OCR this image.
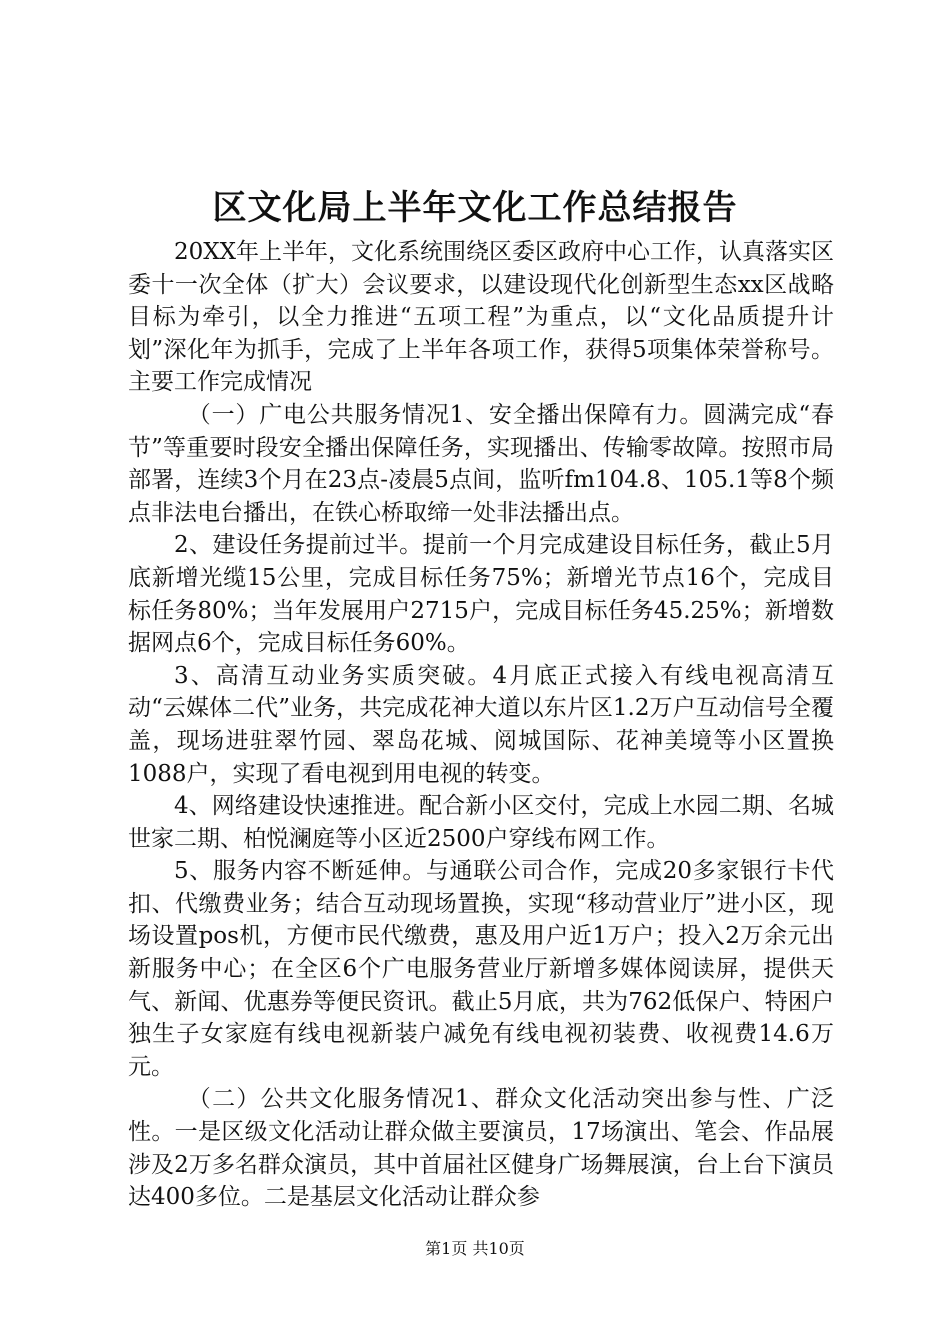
区文化局上半年文化工作总结报告

20XX年上半年，文化系统围绕区委区政府中心工作，认真落实区委十一次全体（扩大）会议要求，以建设现代化创新型生态xx区战略目标为牵引，以全力推进“五项工程”为重点，以“文化品质提升计划”深化年为抓手，完成了上半年各项工作，获得5项集体荣誉称号。主要工作完成情况

（一）广电公共服务情况1、安全播出保障有力。圆满完成“春节”等重要时段安全播出保障任务，实现播出、传输零故障。按照市局部署，连续3个月在23点-凌晨5点间，监听fm104.8、105.1等8个频点非法电台播出，在铁心桥取缔一处非法播出点。

2、建设任务提前过半。提前一个月完成建设目标任务，截止5月底新增光缆15公里，完成目标任务75%；新增光节点16个，完成目标任务80%；当年发展用户2715户，完成目标任务45.25%；新增数据网点6个，完成目标任务60%。

3、高清互动业务实质突破。4月底正式接入有线电视高清互动“云媒体二代”业务，共完成花神大道以东片区1.2万户互动信号全覆盖，现场进驻翠竹园、翠岛花城、阅城国际、花神美境等小区置换1088户，实现了看电视到用电视的转变。

4、网络建设快速推进。配合新小区交付，完成上水园二期、名城世家二期、柏悦澜庭等小区近2500户穿线布网工作。

5、服务内容不断延伸。与通联公司合作，完成20多家银行卡代扣、代缴费业务；结合互动现场置换，实现“移动营业厅”进小区，现场设置pos机，方便市民代缴费，惠及用户近1万户；投入2万余元出新服务中心；在全区6个广电服务营业厅新增多媒体阅读屏，提供天气、新闻、优惠券等便民资讯。截止5月底，共为762低保户、特困户独生子女家庭有线电视新装户减免有线电视初装费、收视费14.6万元。

（二）公共文化服务情况1、群众文化活动突出参与性、广泛性。一是区级文化活动让群众做主要演员，17场演出、笔会、作品展涉及2万多名群众演员，其中首届社区健身广场舞展演，台上台下演员达400多位。二是基层文化活动让群众参

第1页 共10页
